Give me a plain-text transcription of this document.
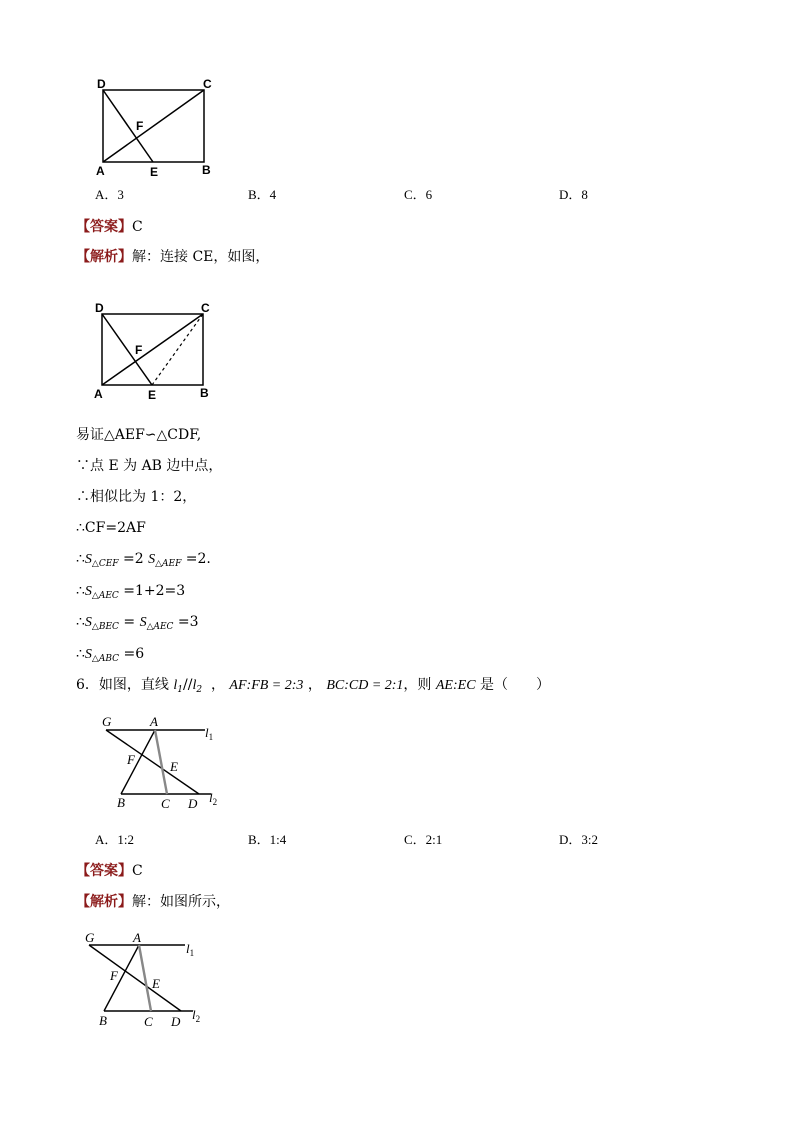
D	C
F
A	E	B
A．3	B．4	C．6	D．8
【答案】C
【解析】解：连接 CE，如图，
D	C
F
A	E	B
易证△AEF∽△CDF,
∵点 E 为 AB 边中点，
∴相似比为 1：2，
∴CF=2AF
$\therefore S_{\triangle CEF} =2$ $S_{\triangle AEF} =2$.
$\therefore S_{\triangle AEC} =1+2=3$
$\therefore S_{\triangle BEC} = S_{\triangle AEC} =3$
$\therefore S_{\triangle ABC} =6$
6．如图，直线 $l_1//l_2$  ， AF:FB = 2:3 ， BC:CD = 2:1，则 AE:EC 是（　　）
G	A
$l_1$
F	E
B	C D $l_2$
A．1:2	B．1:4	C．2:1	D．3:2
【答案】C
【解析】解：如图所示，
G	A
$l_1$
F
E
B	C D $l_2$
